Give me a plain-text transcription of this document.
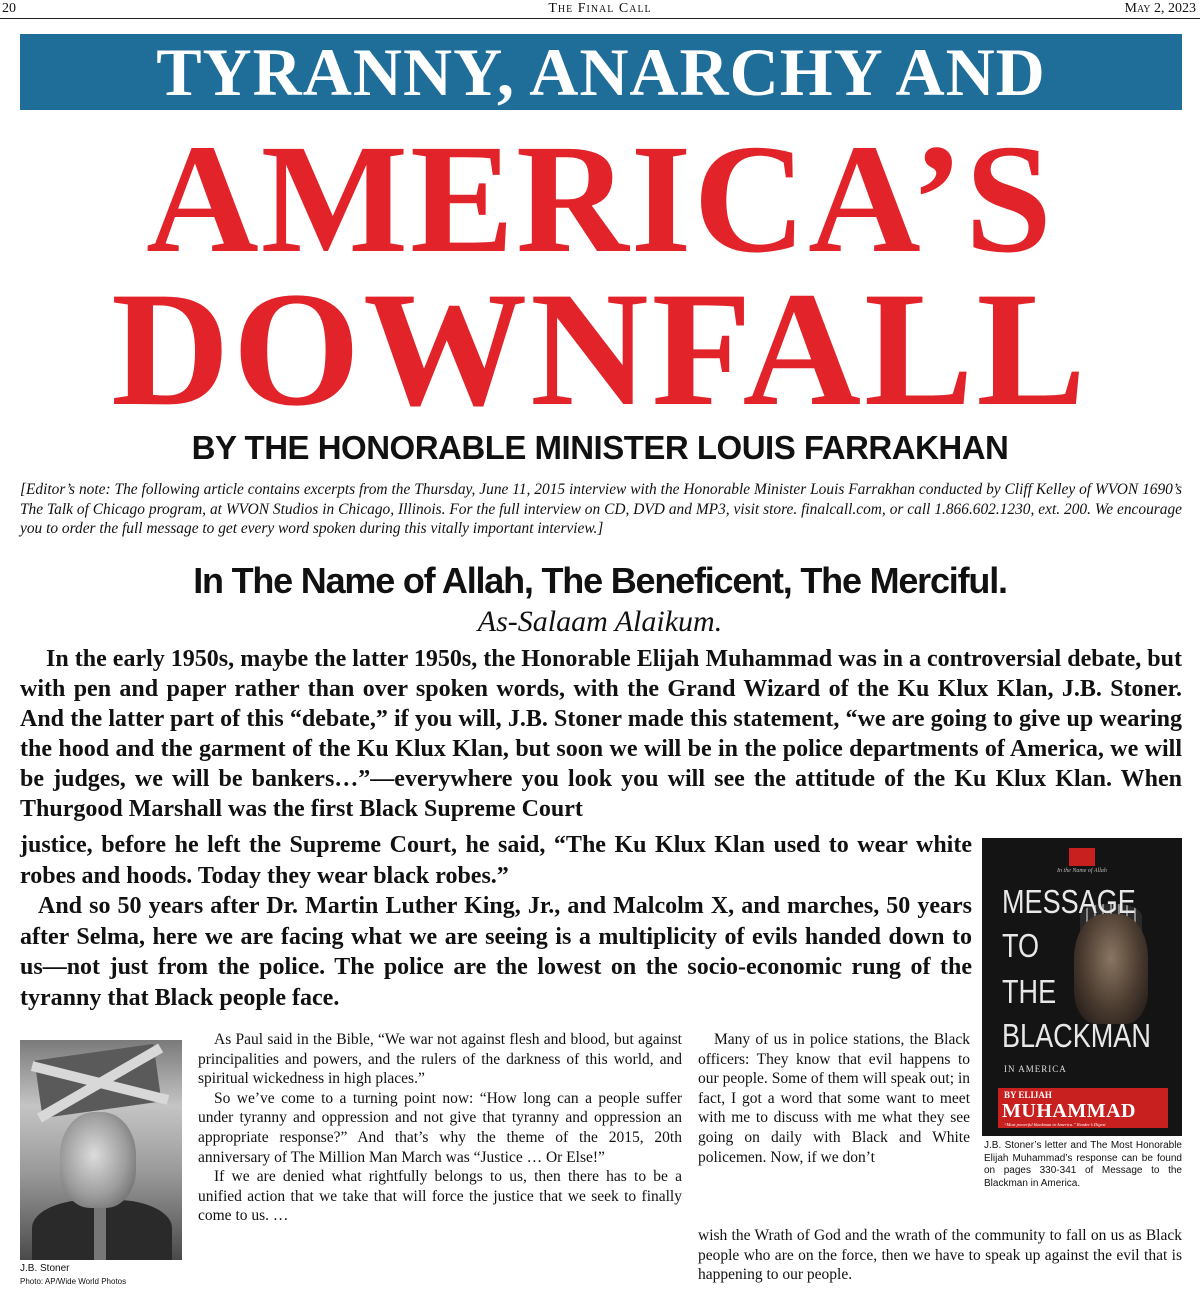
20	The Final Call	May 2, 2023
TYRANNY, ANARCHY AND
AMERICA’S
DOWNFALL
BY THE HONORABLE MINISTER LOUIS FARRAKHAN
[Editor’s note: The following article contains excerpts from the Thursday, June 11, 2015 interview with the Honorable Minister Louis Farrakhan conducted by Cliff Kelley of WVON 1690’s The Talk of Chicago program, at WVON Studios in Chicago, Illinois. For the full interview on CD, DVD and MP3, visit store. finalcall.com, or call 1.866.602.1230, ext. 200. We encourage you to order the full message to get every word spoken during this vitally important interview.]
In The Name of Allah, The Beneficent, The Merciful.
As-Salaam Alaikum.
In the early 1950s, maybe the latter 1950s, the Honorable Elijah Muhammad was in a controversial debate, but with pen and paper rather than over spoken words, with the Grand Wizard of the Ku Klux Klan, J.B. Stoner. And the latter part of this “debate,” if you will, J.B. Stoner made this statement, “we are going to give up wearing the hood and the garment of the Ku Klux Klan, but soon we will be in the police departments of America, we will be judges, we will be bankers…”—everywhere you look you will see the attitude of the Ku Klux Klan. When Thurgood Marshall was the first Black Supreme Court

justice, before he left the Supreme Court, he said, “The Ku Klux Klan used to wear white robes and hoods. Today they wear black robes.”

And so 50 years after Dr. Martin Luther King, Jr., and Malcolm X, and marches, 50 years after Selma, here we are facing what we are seeing is a multiplicity of evils handed down to us—not just from the police. The police are the lowest on the socio-economic rung of the tyranny that Black people face.

In the Name of Allah
MESSAGE
TO
THE
BLACKMAN
IN AMERICA
BY ELIJAH
MUHAMMAD
“Most powerful blackman in America.” Reader’s Digest
J.B. Stoner’s letter and The Most Honorable Elijah Muhammad’s response can be found on pages 330-341 of Message to the Blackman in America.
J.B. Stoner
Photo: AP/Wide World Photos

As Paul said in the Bible, “We war not against flesh and blood, but against principalities and powers, and the rulers of the darkness of this world, and spiritual wickedness in high places.”

So we’ve come to a turning point now: “How long can a people suffer under tyranny and oppression and not give that tyranny and oppression an appropriate response?” And that’s why the theme of the 2015, 20th anniversary of The Million Man March was “Justice … Or Else!”

If we are denied what rightfully belongs to us, then there has to be a unified action that we take that will force the justice that we seek to finally come to us. …

Many of us in police stations, the Black officers: They know that evil happens to our people. Some of them will speak out; in fact, I got a word that some want to meet with me to discuss with me what they see going on daily with Black and White policemen. Now, if we don’t

wish the Wrath of God and the wrath of the community to fall on us as Black people who are on the force, then we have to speak up against the evil that is happening to our people.
